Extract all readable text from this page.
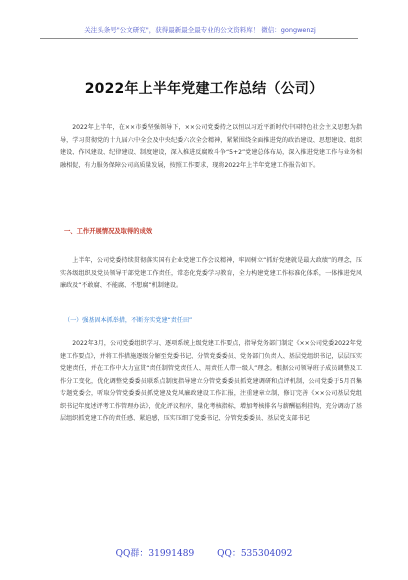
关注头条号"公文研究"，获得最新最全最专业的公文资料库！ 微信：gongwenzj
2022年上半年党建工作总结（公司）

2022年上半年，在××市委坚强领导下，××公司党委持之以恒以习近平新时代中国特色社会主义思想为指导，学习贯彻党的十九届六中全会及中央纪委六次全会精神，紧紧围绕全面推进党的政治建设、思想建设、组织建设、作风建设、纪律建设、制度建设，深入推进反腐败斗争“5+2”党建总体布局，深入推进党建工作与业务相融相促，有力服务保障公司高质量发展，按照工作要求，现将2022年上半年党建工作报告如下。

一、工作开展情况及取得的成效

上半年，公司党委持续贯彻落实国有企业党建工作会议精神，牢固树立“抓好党建就是最大政绩”的理念，压实各级组织及党员领导干部党建工作责任，常态化党委学习教育，全力构建党建工作标准化体系，一体推进党风廉政及“不敢腐、不能腐、不想腐”机制建设。

（一）强基固本抓举措，不断夯实党建“责任田”

2022年3月，公司党委组织学习、逐项系统上级党建工作要点，指导党务部门制定《××公司党委2022年党建工作要点》，并将工作措施逐级分解至党委书记、分管党委委员、党务部门负责人、基层党组织书记，层层压实党建责任，并在工作中大力宣贯“责任制管党责任人、用责任人带一级人”理念。根据公司领导班子成员调整及工作分工变化，优化调整党委委员联系点制度指导建立分管党委委员抓党建调研和点评机制，公司党委于5月召集专题党委会，听取分管党委委员抓党建及党风廉政建设工作汇报，注重建章立制，修订完善《××公司基层党组织书记年度述评考工作管理办法》，优化评议程序，量化考核指标，增加考核排名与薪酬福利挂钩，充分调动了基层组织抓党建工作的责任感、紧迫感，压实压细了党委书记、分管党委委员、基层党支部书记

QQ群：31991489	QQ：535304092
